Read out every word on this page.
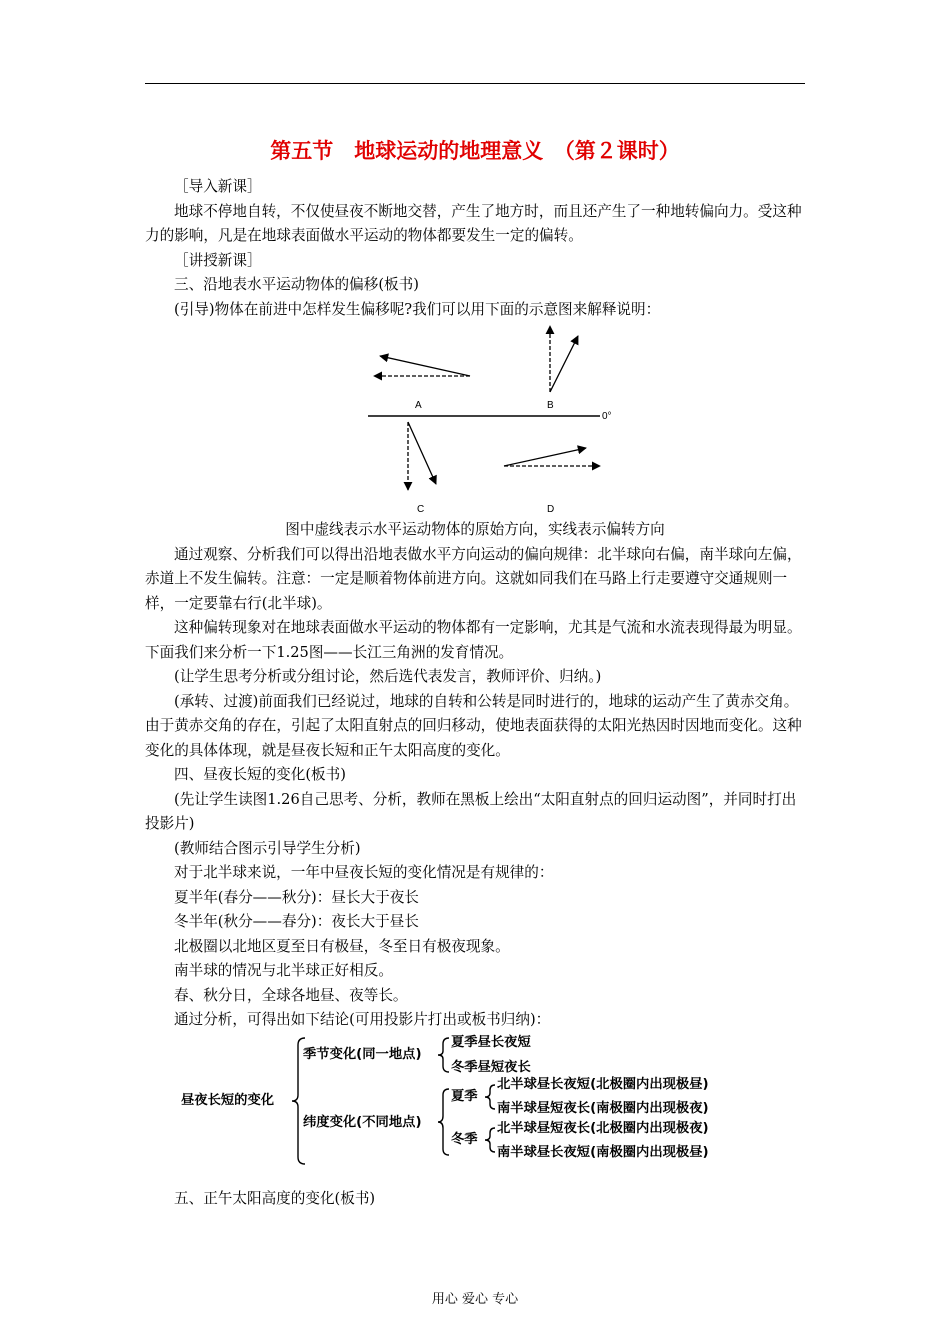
第五节　地球运动的地理意义　（第２课时）

［导入新课］

地球不停地自转，不仅使昼夜不断地交替，产生了地方时，而且还产生了一种地转偏向力。受这种力的影响，凡是在地球表面做水平运动的物体都要发生一定的偏转。

［讲授新课］

三、沿地表水平运动物体的偏移(板书)

(引导)物体在前进中怎样发生偏移呢?我们可以用下面的示意图来解释说明：

A	B
0°
C	D

图中虚线表示水平运动物体的原始方向，实线表示偏转方向

通过观察、分析我们可以得出沿地表做水平方向运动的偏向规律：北半球向右偏，南半球向左偏，赤道上不发生偏转。注意：一定是顺着物体前进方向。这就如同我们在马路上行走要遵守交通规则一样，一定要靠右行(北半球)。

这种偏转现象对在地球表面做水平运动的物体都有一定影响，尤其是气流和水流表现得最为明显。下面我们来分析一下1.25图——长江三角洲的发育情况。

(让学生思考分析或分组讨论，然后选代表发言，教师评价、归纳。)

(承转、过渡)前面我们已经说过，地球的自转和公转是同时进行的，地球的运动产生了黄赤交角。由于黄赤交角的存在，引起了太阳直射点的回归移动，使地表面获得的太阳光热因时因地而变化。这种变化的具体体现，就是昼夜长短和正午太阳高度的变化。

四、昼夜长短的变化(板书)

(先让学生读图1.26自己思考、分析，教师在黑板上绘出“太阳直射点的回归运动图”，并同时打出投影片)

(教师结合图示引导学生分析)

对于北半球来说，一年中昼夜长短的变化情况是有规律的：

夏半年(春分——秋分)：昼长大于夜长

冬半年(秋分——春分)：夜长大于昼长

北极圈以北地区夏至日有极昼，冬至日有极夜现象。

南半球的情况与北半球正好相反。

春、秋分日，全球各地昼、夜等长。

通过分析，可得出如下结论(可用投影片打出或板书归纳)：

昼夜长短的变化
季节变化(同一地点)
夏季昼长夜短
冬季昼短夜长
纬度变化(不同地点)
夏季
北半球昼长夜短(北极圈内出现极昼)
南半球昼短夜长(南极圈内出现极夜)
冬季
北半球昼短夜长(北极圈内出现极夜)
南半球昼长夜短(南极圈内出现极昼)

五、正午太阳高度的变化(板书)

用心 爱心 专心
